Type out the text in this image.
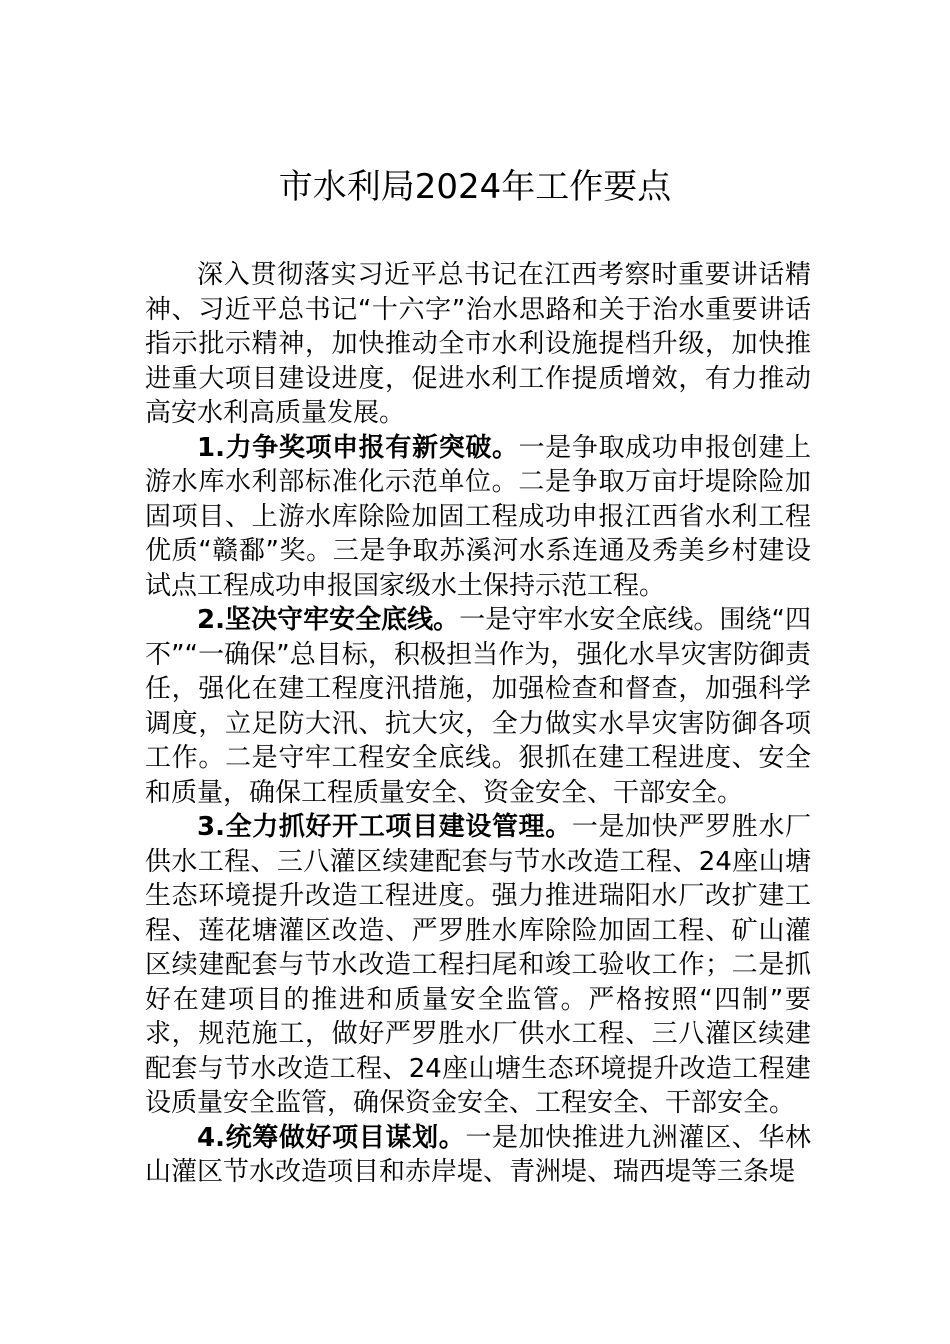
市水利局2024年工作要点

深入贯彻落实习近平总书记在江西考察时重要讲话精神、习近平总书记“十六字”治水思路和关于治水重要讲话指示批示精神，加快推动全市水利设施提档升级，加快推进重大项目建设进度，促进水利工作提质增效，有力推动高安水利高质量发展。

1.力争奖项申报有新突破。一是争取成功申报创建上游水库水利部标准化示范单位。二是争取万亩圩堤除险加固项目、上游水库除险加固工程成功申报江西省水利工程优质“赣鄱”奖。三是争取苏溪河水系连通及秀美乡村建设试点工程成功申报国家级水土保持示范工程。

2.坚决守牢安全底线。一是守牢水安全底线。围绕“四不”“一确保”总目标，积极担当作为，强化水旱灾害防御责任，强化在建工程度汛措施，加强检查和督查，加强科学调度，立足防大汛、抗大灾，全力做实水旱灾害防御各项工作。二是守牢工程安全底线。狠抓在建工程进度、安全和质量，确保工程质量安全、资金安全、干部安全。

3.全力抓好开工项目建设管理。一是加快严罗胜水厂供水工程、三八灌区续建配套与节水改造工程、24座山塘生态环境提升改造工程进度。强力推进瑞阳水厂改扩建工程、莲花塘灌区改造、严罗胜水库除险加固工程、矿山灌区续建配套与节水改造工程扫尾和竣工验收工作；二是抓好在建项目的推进和质量安全监管。严格按照“四制”要求，规范施工，做好严罗胜水厂供水工程、三八灌区续建配套与节水改造工程、24座山塘生态环境提升改造工程建设质量安全监管，确保资金安全、工程安全、干部安全。

4.统筹做好项目谋划。一是加快推进九洲灌区、华林山灌区节水改造项目和赤岸堤、青洲堤、瑞西堤等三条堤
